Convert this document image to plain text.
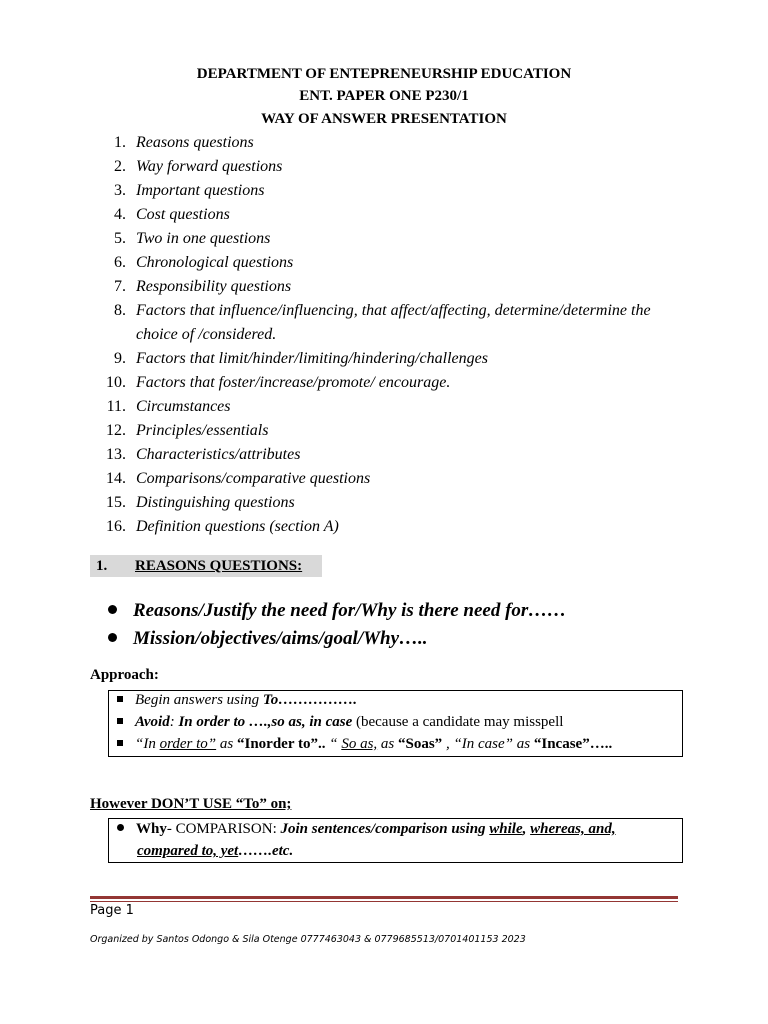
DEPARTMENT OF ENTEPRENEURSHIP EDUCATION
ENT. PAPER ONE P230/1
WAY OF ANSWER PRESENTATION
1. Reasons questions
2. Way forward questions
3. Important questions
4. Cost questions
5. Two in one questions
6. Chronological questions
7. Responsibility questions
8. Factors that influence/influencing, that affect/affecting, determine/determine the choice of /considered.
9. Factors that limit/hinder/limiting/hindering/challenges
10. Factors that foster/increase/promote/ encourage.
11. Circumstances
12. Principles/essentials
13. Characteristics/attributes
14. Comparisons/comparative questions
15. Distinguishing questions
16. Definition questions (section A)
1. REASONS QUESTIONS:
Reasons/Justify the need for/Why is there need for……
Mission/objectives/aims/goal/Why…..
Approach:
Begin answers using To…………….
Avoid: In order to ….,so as, in case (because a candidate may misspell
“In order to” as “Inorder to”.. “ So as, as “Soas” , “In case” as “Incase”…..
However DON’T USE “To” on;
Why- COMPARISON: Join sentences/comparison using while, whereas, and,
compared to, yet…….etc.
Page 1
Organized by Santos Odongo & Sila Otenge 0777463043 & 0779685513/0701401153 2023
